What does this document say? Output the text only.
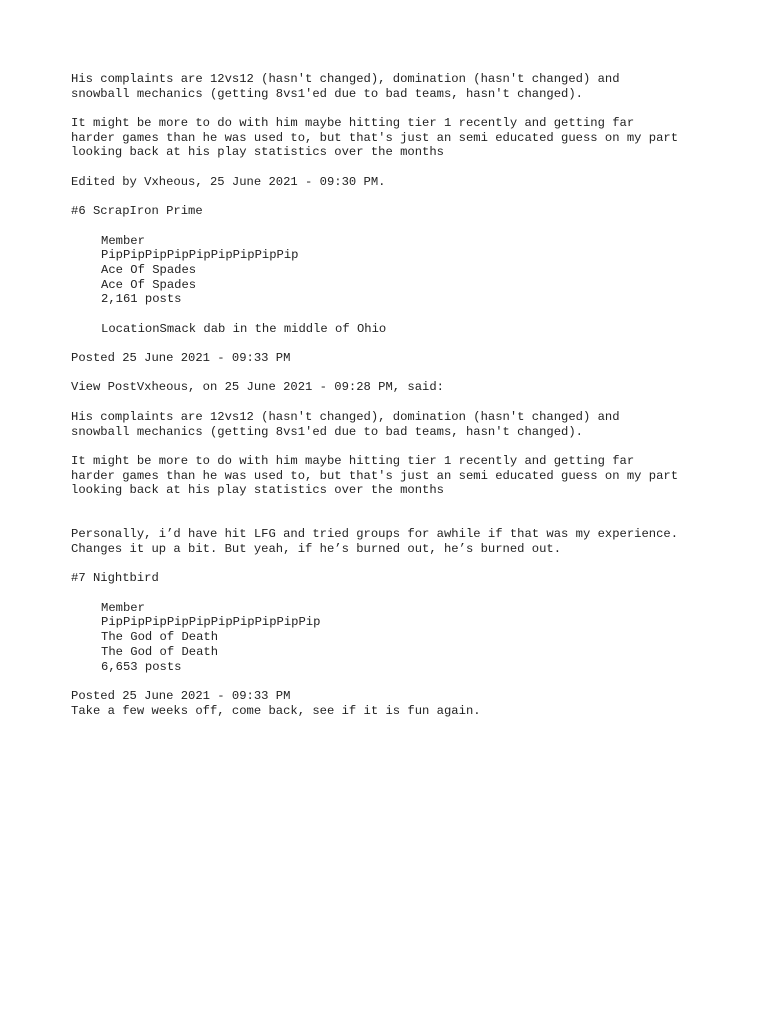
His complaints are 12vs12 (hasn't changed), domination (hasn't changed) and
snowball mechanics (getting 8vs1'ed due to bad teams, hasn't changed).
It might be more to do with him maybe hitting tier 1 recently and getting far
harder games than he was used to, but that's just an semi educated guess on my part
looking back at his play statistics over the months
Edited by Vxheous, 25 June 2021 - 09:30 PM.
#6 ScrapIron Prime
Member
PipPipPipPipPipPipPipPipPip
Ace Of Spades
Ace Of Spades
2,161 posts
LocationSmack dab in the middle of Ohio
Posted 25 June 2021 - 09:33 PM
View PostVxheous, on 25 June 2021 - 09:28 PM, said:
His complaints are 12vs12 (hasn't changed), domination (hasn't changed) and
snowball mechanics (getting 8vs1'ed due to bad teams, hasn't changed).
It might be more to do with him maybe hitting tier 1 recently and getting far
harder games than he was used to, but that's just an semi educated guess on my part
looking back at his play statistics over the months
Personally, i’d have hit LFG and tried groups for awhile if that was my experience.
Changes it up a bit. But yeah, if he’s burned out, he’s burned out.
#7 Nightbird
Member
PipPipPipPipPipPipPipPipPipPip
The God of Death
The God of Death
6,653 posts
Posted 25 June 2021 - 09:33 PM
Take a few weeks off, come back, see if it is fun again.
